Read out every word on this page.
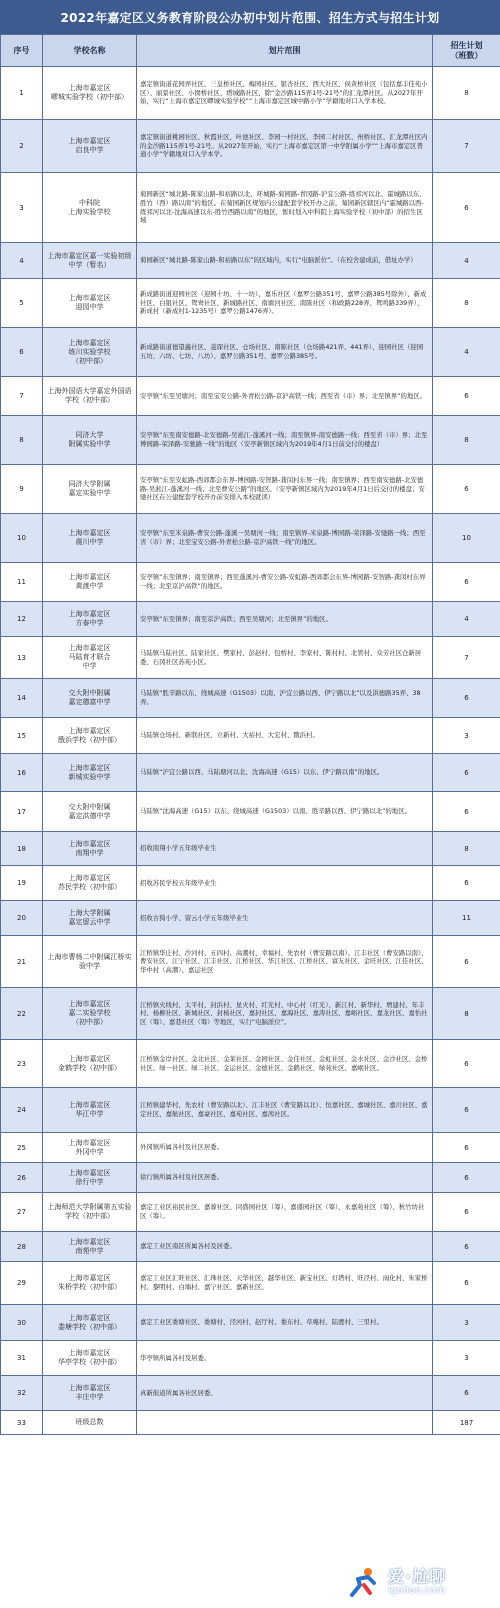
2022年嘉定区义务教育阶段公办初中划片范围、招生方式与招生计划
序号	学校名称	划片范围	招生计划
（班数）
1	上海市嘉定区
疁城实验学校（初中部）	嘉定镇街道花园弄社区、三皇桥社区、梅园社区、银杏社区、西大社区、侯黄桥社区（包括嘉丰佳苑小区）、丽景社区、小囡桥社区、塔城路社区、除“金沙路115弄1号-21号”的汇龙潭社区。从2027年开始，实行“上海市嘉定区疁城实验学校”“上海市嘉定区城中路小学”学籍地对口入学本校。	8
2	上海市嘉定区
启良中学	嘉定镇街道桃园社区、秋霞社区、叶池社区、李园一村社区、李园二村社区、州桥社区、汇龙潭社区内的金沙路115弄1号-21号。从2027年开始，实行“上海市嘉定区第一中学附属小学”“上海市嘉定区普通小学”学籍地对口入学本学。	7
3	中科院
上海实验学校	菊园新区“城北路-陈家山路-和裕路以北、环城路-菊园路-青冈路-沪宜公路-练祁河以北、霍城路以东、胜竹（西）路以南”的地区。在菊园新区规划内公建配套学校开办之前，菊园新区辖区内“霍城路以西-练祁河以北-沈海高速以东-胜竹西路以南”的地区，暂时划入中科院上海实验学校（初中部）的招生区域	6
4	上海市嘉定区嘉一实验初级中学（暂名）	菊园新区“城北路-陈家山路-和裕路以东”的区域内，实行“电脑派位”。（在校舍建成前，借址办学）	4
5	上海市嘉定区
迎园中学	新成路街道迎园社区（迎园十坊、十一坊）、嘉乐社区（嘉罗公路351号、嘉罗公路385号除外）、新成社区、白银社区、鸳鸯社区、新城路社区、南塘河社区、南陈社区（和政路228弄、鸳鸣路339弄）、新成村（新成村1-1235号）嘉罗公路1476弄）。	8
6	上海市嘉定区
练川实验学校
（初中部）	新成路街道德望鑫社区、菱琛社区、仓场社区、南陈社区（仓场路421弄、441弄）、迎园社区（迎园五坊、六坊、七坊、八坊）、嘉罗公路351号、嘉罗公路385号。	4
7	上海外国语大学嘉定外国语学校（初中部）	安亭镇“东至吴塘河；南至宝安公路-外青松公路-京沪高铁一线；西至省（市）界；北至镇界”的地区。	6
8	同济大学
附属实验中学	安亭镇“东至南安德路-北安德路-吴淞江-蓬溪河一线；南至镇界-南安德路一线；西至省（市）界；北至博园路-荣泽路-安驰路一线”的地区（安亭新镇区域内为2019年4月1日前交付的楼盘）	8
9	同济大学附属
嘉定实验中学	安亭镇“东至安虹路-西郊都会东界-博园路-安智路-龚闵村东界一线；南至镇界；西至南安德路-北安德路-吴淞江-蓬溪河一线；北至曹安公路”的地区。（安亭新镇区域内为2019年4月1日后交付的楼盘；安驰社区在公建配套学校开办前安排入本校就读）	6
10	上海市嘉定区
震川中学	安亭镇“东至米泉路-曹安公路-蓬溪一吴塘河一线；南至镇界-米泉路-博园路-荣泽路-安驰路一线；西至省（市）界；北至宝安公路-外青松公路-京沪高铁一线”的地区。	10
11	上海市嘉定区
黄渡中学	安亭镇“东至镇界；南至镇界；西至蓬溪河-曹安公路-安虹路-西郊都会东界-博园路-安智路-龚闵村东界一线；北至京沪高铁”的地区。	6
12	上海市嘉定区
方泰中学	安亭镇“东至镇界；南至京沪高铁；西至吴塘河；北至镇界”的地区。	4
13	上海市嘉定区
马陆育才联合
中学	马陆镇马陆社区、陆家社区、樊家村、彭赵村、包桥村、李家村、陈村村、北管村、众芳社区仓新居委、石冈社区苏苑小区。	7
14	交大附中附属
嘉定德富中学	马陆镇“胜辛路以东、绕城高速（G1503）以南、沪宜公路以西、伊宁路以北”以及洪德路35弄、38弄。	6
15	上海市嘉定区
戬浜学校（初中部）	马陆镇仓场村、新联社区、立新村、大裕村、大宏村、戬浜村。	3
16	上海市嘉定区
新城实验中学	马陆镇“沪宜公路以西、马陆塘河以北、沈海高速（G15）以东、伊宁路以南”的地区。	6
17	交大附中附属
嘉定洪德中学	马陆镇“沈海高速（G15）以东、绕城高速（G1503）以南、胜辛路以西、伊宁路以北”的地区。	6
18	上海市嘉定区
南翔中学	招收南翔小学五年级毕业生	8
19	上海市嘉定区
苏民学校（初中部）	招收苏民学校五年级毕业生	6
20	上海大学附属
嘉定留云中学	招收古猗小学、留云小学五年级毕业生	11
21	上海市曹杨二中附属江桥实验中学	江桥镇华庄村、沙河村、五四村、高潮村、幸福村、先农村（曹安路以南）、江丰社区（曹安路以南）、曹安社区、江宁社区、江丰社区、江桥社区、华江社区、江桥社区、富友社区、金旺社区、江佳社区、华中村（高潮）、嘉运社区	6
22	上海市嘉定区
嘉二实验学校
（初中部）	江桥镇火线村、太平村、封浜村、星火村、红光村、中心村（红光）、新江村、新华村、增建村、年丰村、杨柳社区、新城社区、封杨社区、嘉封社区、嘉海社区、嘉涛社区、嘉峪社区、嘉龙社区、嘉怡社区（筹）、嘉巷社区（筹）等地区，实行“电脑派位”。	8
23	上海市嘉定区
金鹤学校（初中部）	江桥镇金岸社区、金北社区、金莱社区、金园社区、金佳社区、金虹社区、金水社区、金沙社区、金桥社区、绿一社区、绿二社区、金运社区、金德社区、金鹤社区、绿苑社区、嘉岷社区。	6
24	上海市嘉定区
华江中学	江桥镇建华村、先农村（曹安路以北）、江丰社区（曹安路以北）、恒嘉社区、嘉城社区、嘉川社区、嘉定社区、嘉航社区、嘉豪社区、嘉苑社区、嘉茜社区。	6
25	上海市嘉定区
外冈中学	外冈镇所属各村及社区居委。	6
26	上海市嘉定区
徐行中学	徐行镇所属各村及社区居委。	6
27	上海师范大学附属第五实验学校（初中部）	嘉定工业区裕民社区、嘉蓉社区、同盛园社区（筹）、嘉盛园社区（筹）、永嘉苑社区（筹）、秋竹坊社区（筹）。	6
28	上海市嘉定区
南苑中学	嘉定工业区南区所属各村及居委。	6
29	上海市嘉定区
朱桥学校（初中部）	嘉定工业区汇旺社区、汇珠社区、天华社区、越华社区、新宝社区、灯塔村、旺泾村、雨化村、朱家桥村、黎明村、白墙村、嘉宁社区、嘉新社区。	6
30	上海市嘉定区
娄塘学校（初中部）	嘉定工业区娄塘社区、娄塘村、泾河村、赵厅村、娄东村、草庵村、陆渡村、三里村。	3
31	上海市嘉定区
华亭学校（初中部）	华亭镇所属各村及居委。	3
32	上海市嘉定区
丰庄中学	真新街道所属各社区居委。	6
33	班级总数		187
爱·尬聊
igaliao.com
